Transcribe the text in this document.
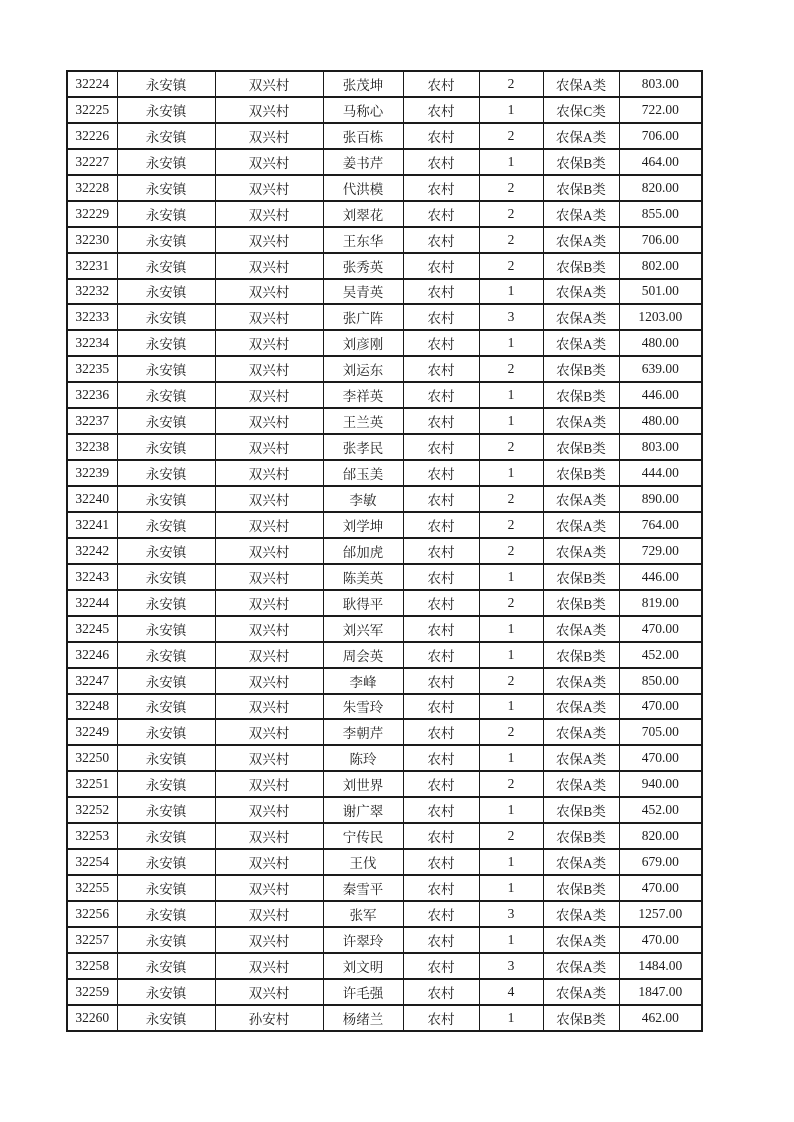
32224	永安镇	双兴村	张茂坤	农村	2	农保A类	803.00
32225	永安镇	双兴村	马称心	农村	1	农保C类	722.00
32226	永安镇	双兴村	张百栋	农村	2	农保A类	706.00
32227	永安镇	双兴村	姜书芹	农村	1	农保B类	464.00
32228	永安镇	双兴村	代洪模	农村	2	农保B类	820.00
32229	永安镇	双兴村	刘翠花	农村	2	农保A类	855.00
32230	永安镇	双兴村	王东华	农村	2	农保A类	706.00
32231	永安镇	双兴村	张秀英	农村	2	农保B类	802.00
32232	永安镇	双兴村	吴青英	农村	1	农保A类	501.00
32233	永安镇	双兴村	张广阵	农村	3	农保A类	1203.00
32234	永安镇	双兴村	刘彦刚	农村	1	农保A类	480.00
32235	永安镇	双兴村	刘运东	农村	2	农保B类	639.00
32236	永安镇	双兴村	李祥英	农村	1	农保B类	446.00
32237	永安镇	双兴村	王兰英	农村	1	农保A类	480.00
32238	永安镇	双兴村	张孝民	农村	2	农保B类	803.00
32239	永安镇	双兴村	邰玉美	农村	1	农保B类	444.00
32240	永安镇	双兴村	李敏	农村	2	农保A类	890.00
32241	永安镇	双兴村	刘学坤	农村	2	农保A类	764.00
32242	永安镇	双兴村	邰加虎	农村	2	农保A类	729.00
32243	永安镇	双兴村	陈美英	农村	1	农保B类	446.00
32244	永安镇	双兴村	耿得平	农村	2	农保B类	819.00
32245	永安镇	双兴村	刘兴军	农村	1	农保A类	470.00
32246	永安镇	双兴村	周会英	农村	1	农保B类	452.00
32247	永安镇	双兴村	李峰	农村	2	农保A类	850.00
32248	永安镇	双兴村	朱雪玲	农村	1	农保A类	470.00
32249	永安镇	双兴村	李朝芹	农村	2	农保A类	705.00
32250	永安镇	双兴村	陈玲	农村	1	农保A类	470.00
32251	永安镇	双兴村	刘世界	农村	2	农保A类	940.00
32252	永安镇	双兴村	谢广翠	农村	1	农保B类	452.00
32253	永安镇	双兴村	宁传民	农村	2	农保B类	820.00
32254	永安镇	双兴村	王伐	农村	1	农保A类	679.00
32255	永安镇	双兴村	秦雪平	农村	1	农保B类	470.00
32256	永安镇	双兴村	张军	农村	3	农保A类	1257.00
32257	永安镇	双兴村	许翠玲	农村	1	农保A类	470.00
32258	永安镇	双兴村	刘文明	农村	3	农保A类	1484.00
32259	永安镇	双兴村	许毛强	农村	4	农保A类	1847.00
32260	永安镇	孙安村	杨绪兰	农村	1	农保B类	462.00
